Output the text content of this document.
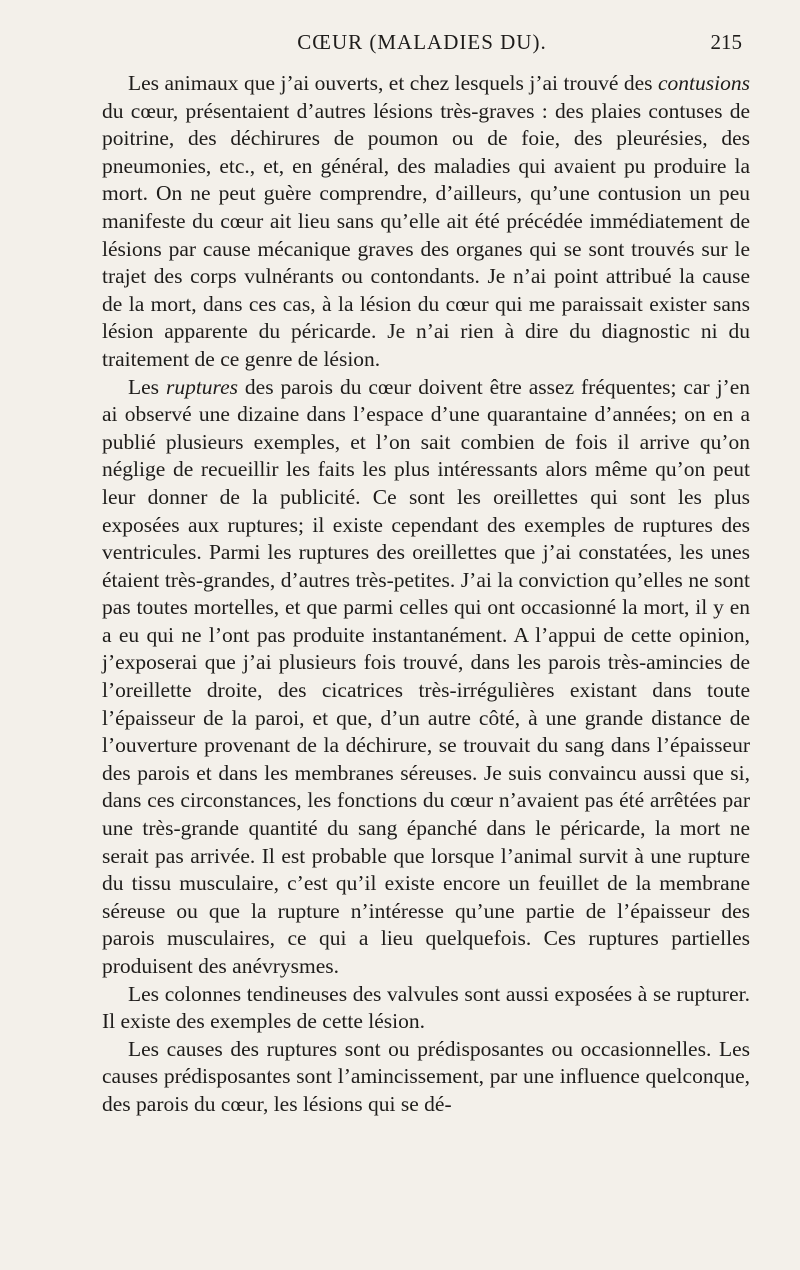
CŒUR (MALADIES DU).	215

Les animaux que j’ai ouverts, et chez lesquels j’ai trouvé des contusions du cœur, présentaient d’autres lésions très-graves : des plaies contuses de poitrine, des déchirures de poumon ou de foie, des pleurésies, des pneumonies, etc., et, en général, des maladies qui avaient pu produire la mort. On ne peut guère comprendre, d’ailleurs, qu’une contusion un peu manifeste du cœur ait lieu sans qu’elle ait été précédée immédiatement de lésions par cause mécanique graves des organes qui se sont trouvés sur le trajet des corps vulnérants ou contondants. Je n’ai point attribué la cause de la mort, dans ces cas, à la lésion du cœur qui me paraissait exister sans lésion apparente du péricarde. Je n’ai rien à dire du diagnostic ni du traitement de ce genre de lésion.

Les ruptures des parois du cœur doivent être assez fréquentes; car j’en ai observé une dizaine dans l’espace d’une quarantaine d’années; on en a publié plusieurs exemples, et l’on sait combien de fois il arrive qu’on néglige de recueillir les faits les plus intéressants alors même qu’on peut leur donner de la publicité. Ce sont les oreillettes qui sont les plus exposées aux ruptures; il existe cependant des exemples de ruptures des ventricules. Parmi les ruptures des oreillettes que j’ai constatées, les unes étaient très-grandes, d’autres très-petites. J’ai la conviction qu’elles ne sont pas toutes mortelles, et que parmi celles qui ont occasionné la mort, il y en a eu qui ne l’ont pas produite instantanément. A l’appui de cette opinion, j’exposerai que j’ai plusieurs fois trouvé, dans les parois très-amincies de l’oreillette droite, des cicatrices très-irrégulières existant dans toute l’épaisseur de la paroi, et que, d’un autre côté, à une grande distance de l’ouverture provenant de la déchirure, se trouvait du sang dans l’épaisseur des parois et dans les membranes séreuses. Je suis convaincu aussi que si, dans ces circonstances, les fonctions du cœur n’avaient pas été arrêtées par une très-grande quantité du sang épanché dans le péricarde, la mort ne serait pas arrivée. Il est probable que lorsque l’animal survit à une rupture du tissu musculaire, c’est qu’il existe encore un feuillet de la membrane séreuse ou que la rupture n’intéresse qu’une partie de l’épaisseur des parois musculaires, ce qui a lieu quelquefois. Ces ruptures partielles produisent des anévrysmes.

Les colonnes tendineuses des valvules sont aussi exposées à se rupturer. Il existe des exemples de cette lésion.

Les causes des ruptures sont ou prédisposantes ou occasionnelles. Les causes prédisposantes sont l’amincissement, par une influence quelconque, des parois du cœur, les lésions qui se dé-
